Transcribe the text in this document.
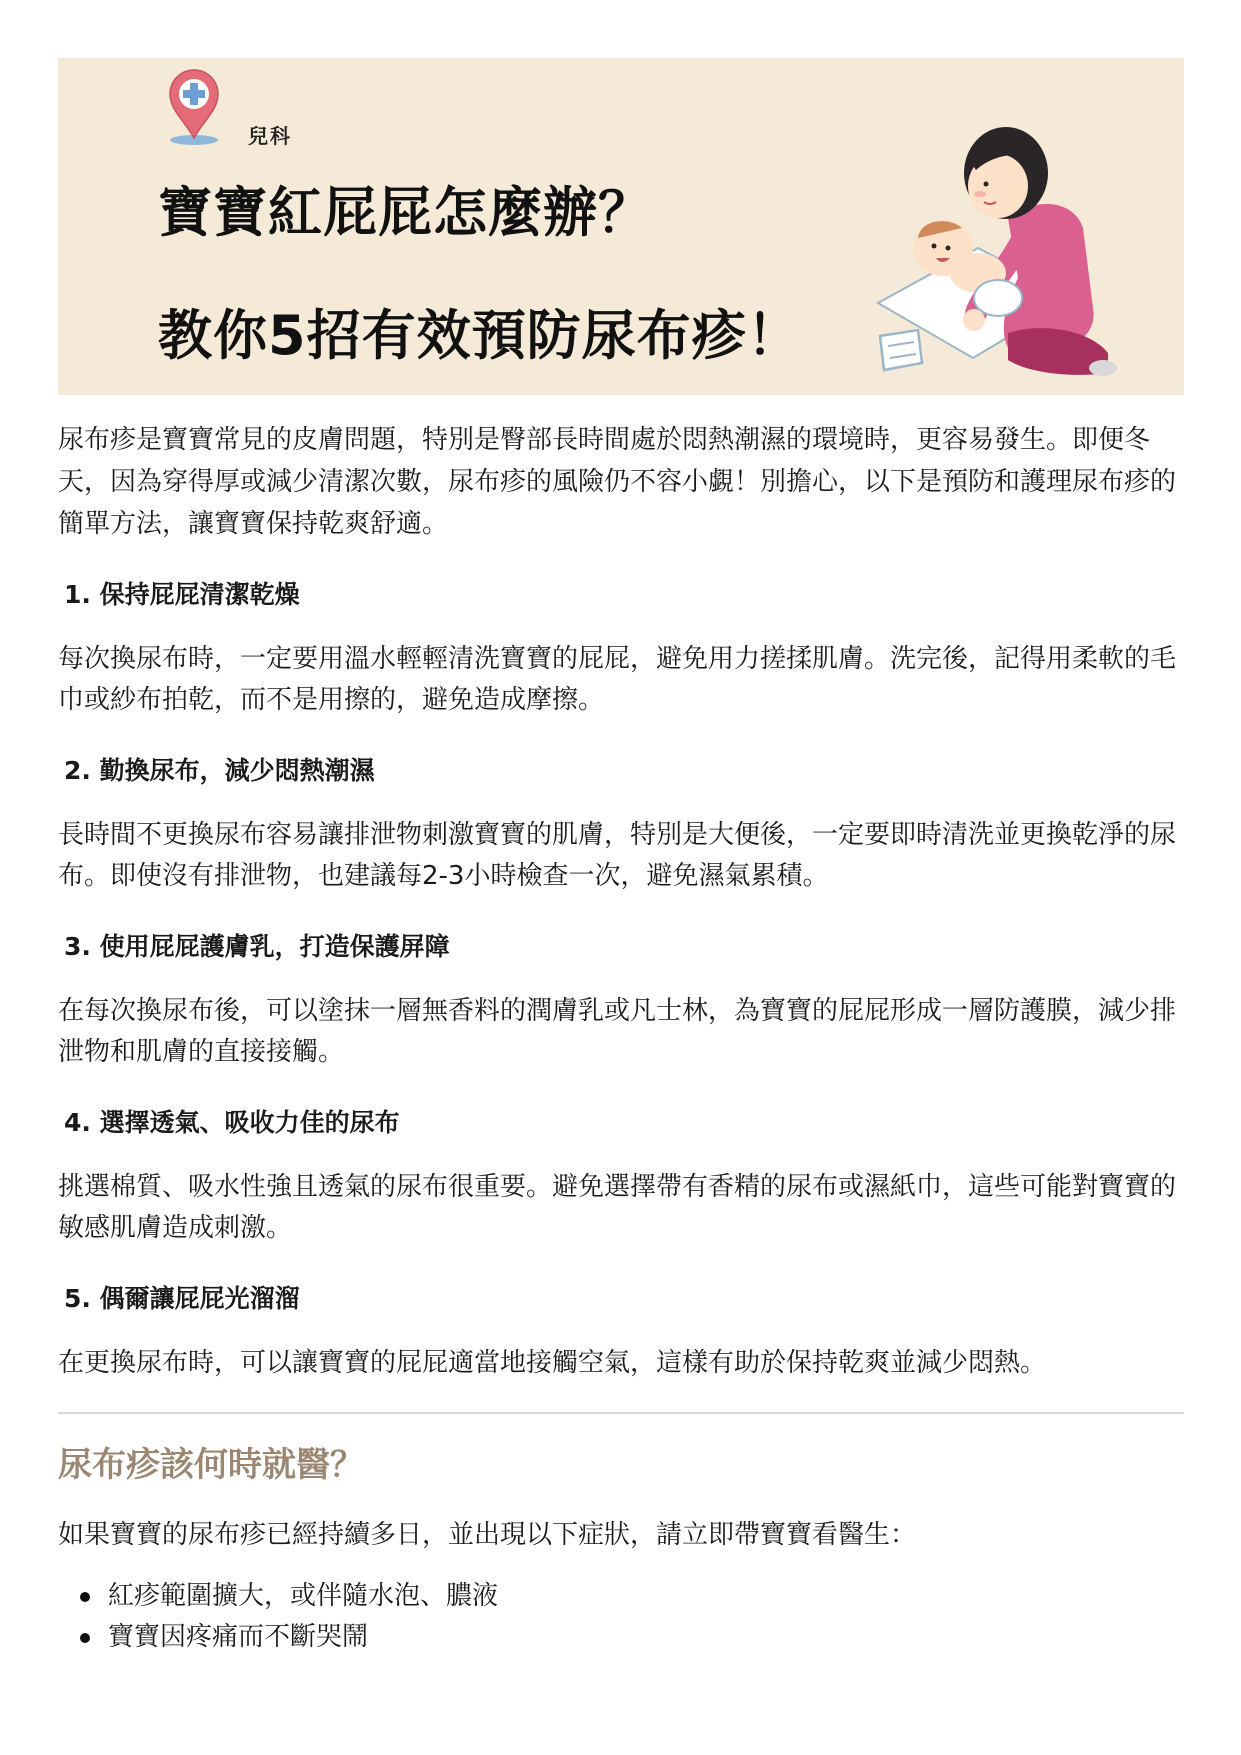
兒科
寶寶紅屁屁怎麼辦？
教你5招有效預防尿布疹！

尿布疹是寶寶常見的皮膚問題，特別是臀部長時間處於悶熱潮濕的環境時，更容易發生。即便冬天，因為穿得厚或減少清潔次數，尿布疹的風險仍不容小覷！別擔心，以下是預防和護理尿布疹的簡單方法，讓寶寶保持乾爽舒適。

1. 保持屁屁清潔乾燥
每次換尿布時，一定要用溫水輕輕清洗寶寶的屁屁，避免用力搓揉肌膚。洗完後，記得用柔軟的毛巾或紗布拍乾，而不是用擦的，避免造成摩擦。
2. 勤換尿布，減少悶熱潮濕
長時間不更換尿布容易讓排泄物刺激寶寶的肌膚，特別是大便後，一定要即時清洗並更換乾淨的尿布。即使沒有排泄物，也建議每2-3小時檢查一次，避免濕氣累積。
3. 使用屁屁護膚乳，打造保護屏障
在每次換尿布後，可以塗抹一層無香料的潤膚乳或凡士林，為寶寶的屁屁形成一層防護膜，減少排泄物和肌膚的直接接觸。
4. 選擇透氣、吸收力佳的尿布
挑選棉質、吸水性強且透氣的尿布很重要。避免選擇帶有香精的尿布或濕紙巾，這些可能對寶寶的敏感肌膚造成刺激。
5. 偶爾讓屁屁光溜溜
在更換尿布時，可以讓寶寶的屁屁適當地接觸空氣，這樣有助於保持乾爽並減少悶熱。
尿布疹該何時就醫？
如果寶寶的尿布疹已經持續多日，並出現以下症狀，請立即帶寶寶看醫生：
紅疹範圍擴大，或伴隨水泡、膿液
寶寶因疼痛而不斷哭鬧
